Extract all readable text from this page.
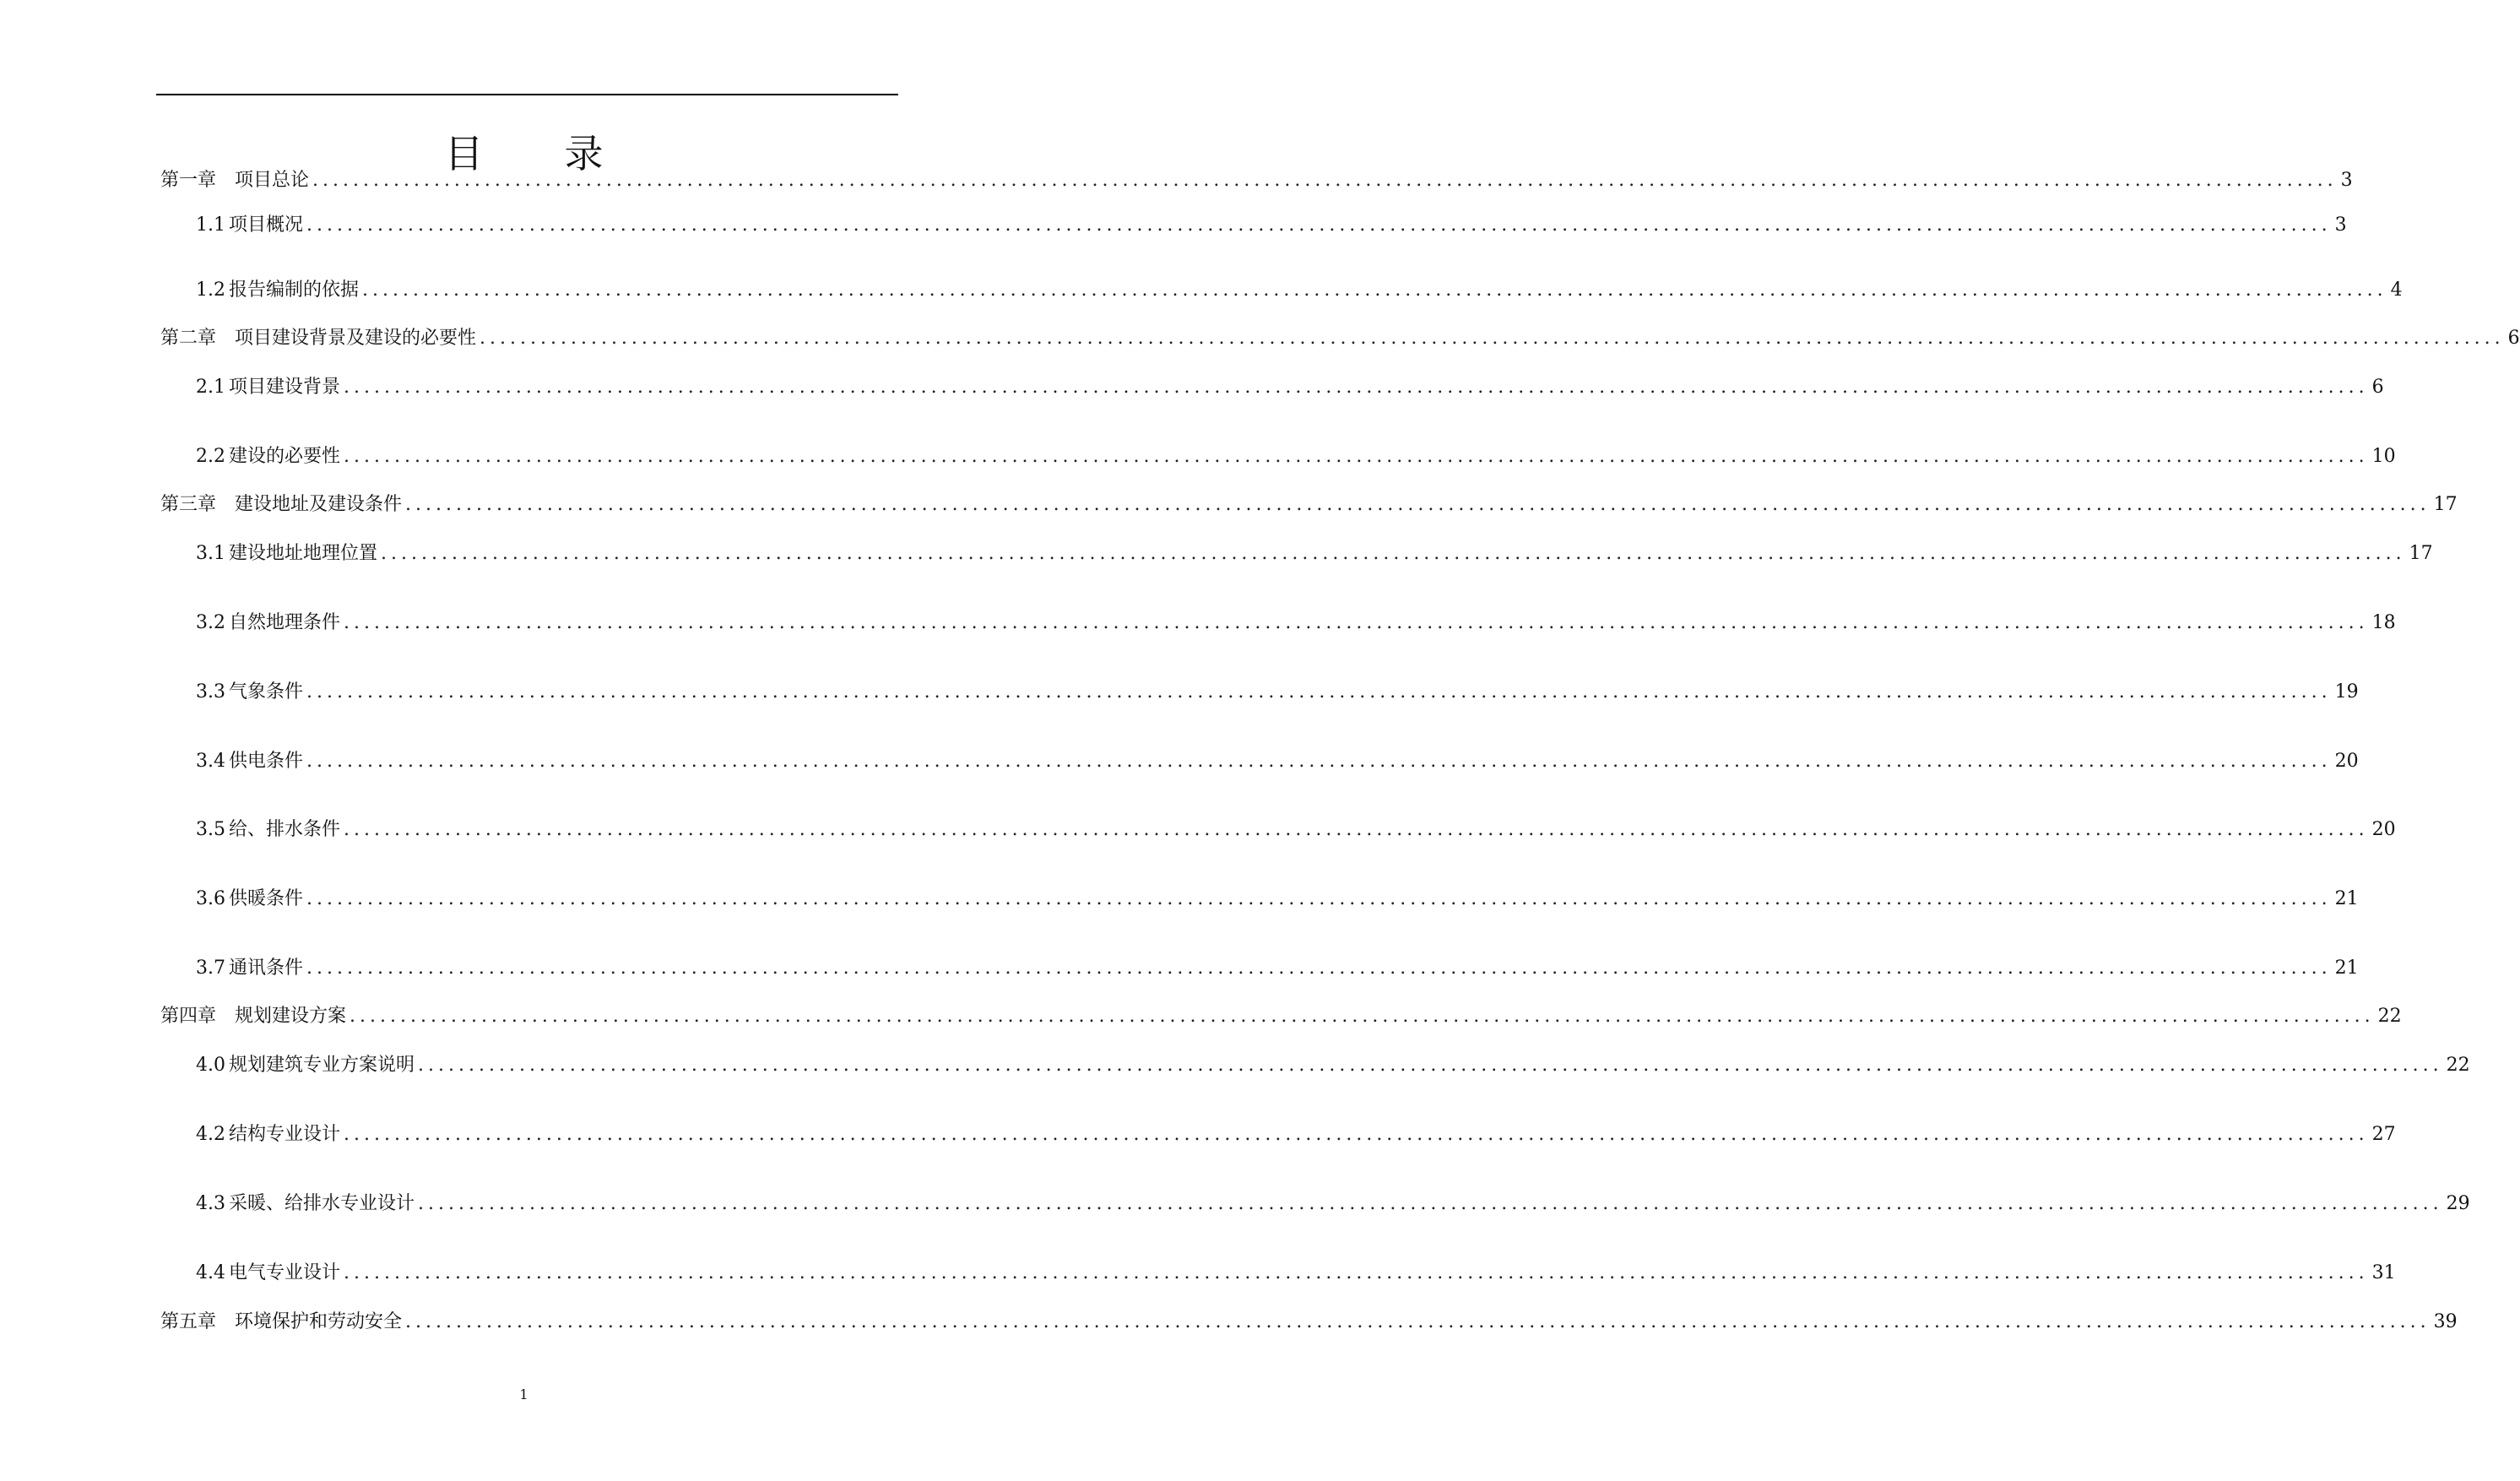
目录
第一章 项目总论 ........................................................................................................................................................................................................ 3
1.1 项目概况 ........................................................................................................................................................................................................ 3
1.2 报告编制的依据 ........................................................................................................................................................................................................ 4
第二章 项目建设背景及建设的必要性 ........................................................................................................................................................................................................ 6
2.1 项目建设背景 ........................................................................................................................................................................................................ 6
2.2 建设的必要性 ........................................................................................................................................................................................................ 10
第三章 建设地址及建设条件 ........................................................................................................................................................................................................ 17
3.1 建设地址地理位置 ........................................................................................................................................................................................................ 17
3.2 自然地理条件 ........................................................................................................................................................................................................ 18
3.3 气象条件 ........................................................................................................................................................................................................ 19
3.4 供电条件 ........................................................................................................................................................................................................ 20
3.5 给、排水条件 ........................................................................................................................................................................................................ 20
3.6 供暖条件 ........................................................................................................................................................................................................ 21
3.7 通讯条件 ........................................................................................................................................................................................................ 21
第四章 规划建设方案 ........................................................................................................................................................................................................ 22
4.0 规划建筑专业方案说明 ........................................................................................................................................................................................................ 22
4.2 结构专业设计 ........................................................................................................................................................................................................ 27
4.3 采暖、给排水专业设计 ........................................................................................................................................................................................................ 29
4.4 电气专业设计 ........................................................................................................................................................................................................ 31
第五章 环境保护和劳动安全 ........................................................................................................................................................................................................ 39
1
